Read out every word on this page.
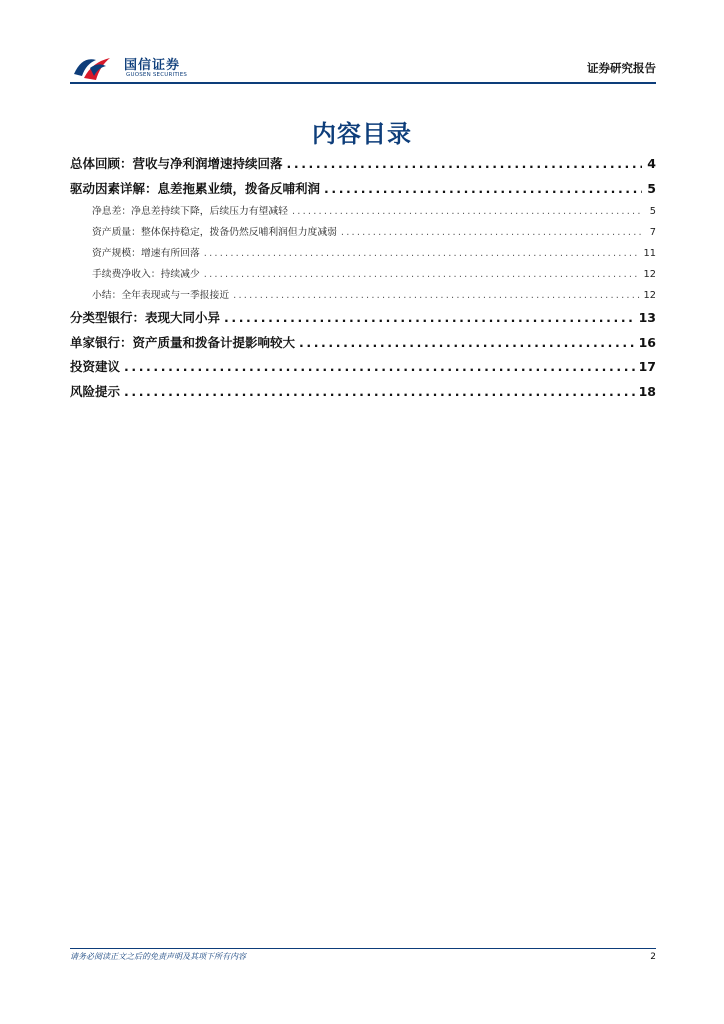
国信证券
GUOSEN SECURITIES	证券研究报告
内容目录
总体回顾：营收与净利润增速持续回落 .....	4
驱动因素详解：息差拖累业绩，拨备反哺利润 .....	5
净息差：净息差持续下降，后续压力有望减轻 .....	5
资产质量：整体保持稳定，拨备仍然反哺利润但力度减弱 .....	7
资产规模：增速有所回落 .....	11
手续费净收入：持续减少 .....	12
小结：全年表现或与一季报接近 .....	12
分类型银行：表现大同小异 .....	13
单家银行：资产质量和拨备计提影响较大 .....	16
投资建议 .....	17
风险提示 .....	18
请务必阅读正文之后的免责声明及其项下所有内容	2
